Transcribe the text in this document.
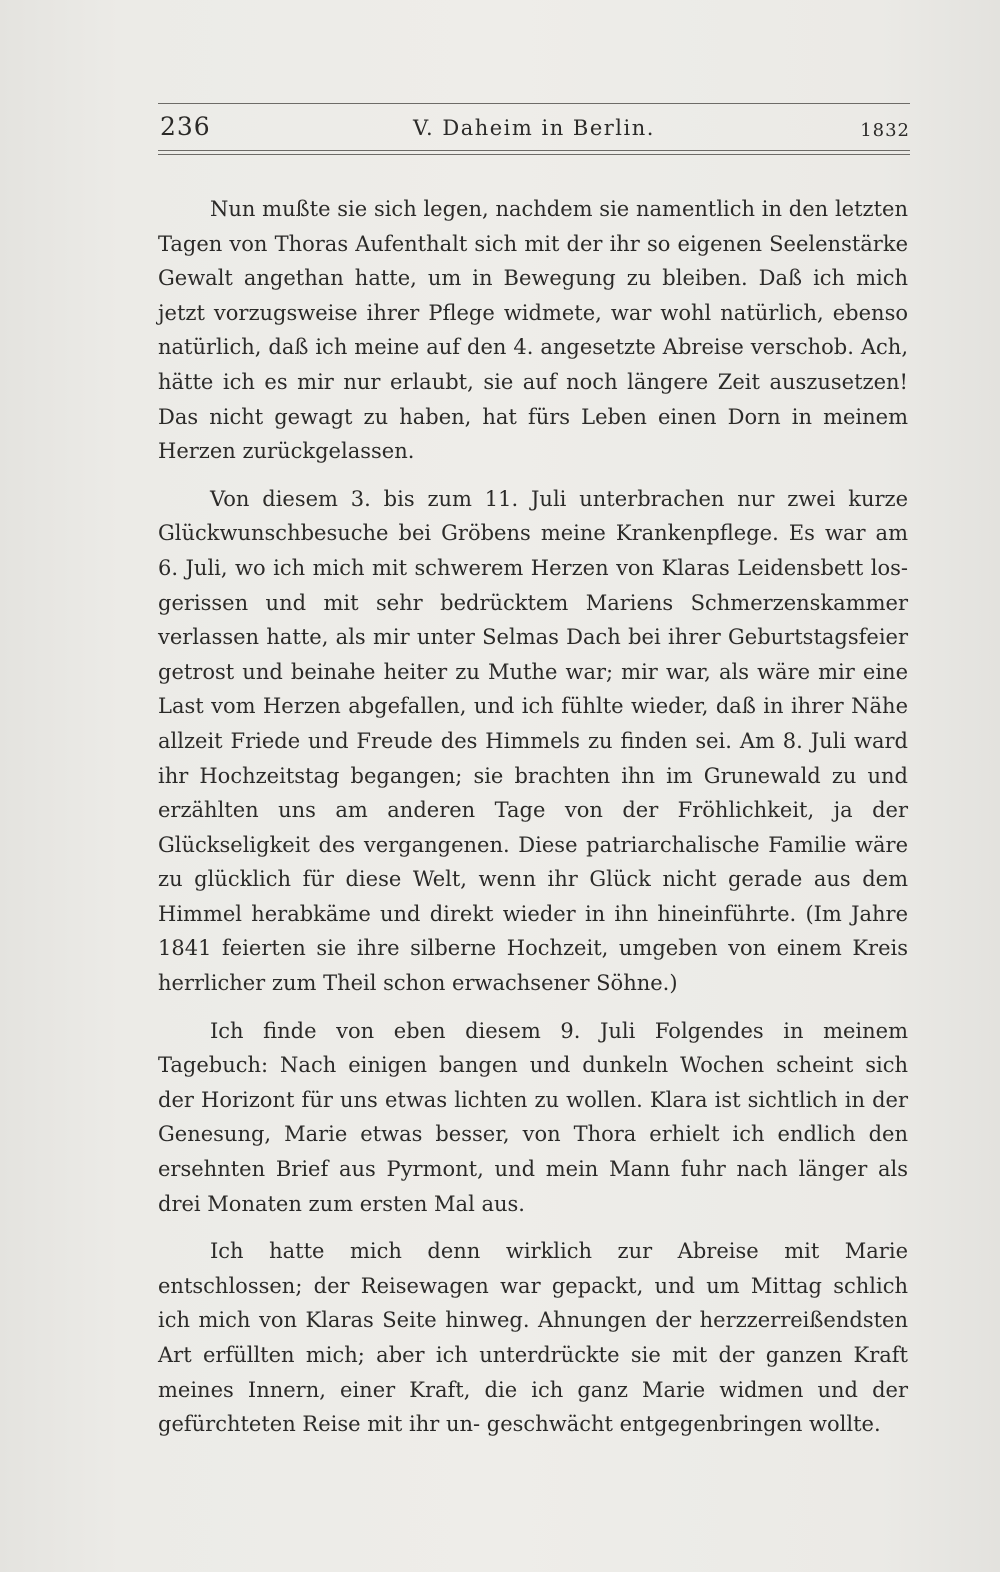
236	V. Daheim in Berlin.	1832

Nun mußte sie sich legen, nachdem sie namentlich in den letzten Tagen von Thoras Aufenthalt sich mit der ihr so eigenen Seelenstärke Gewalt angethan hatte, um in Bewegung zu bleiben. Daß ich mich jetzt vorzugsweise ihrer Pflege widmete, war wohl natürlich, ebenso natürlich, daß ich meine auf den 4. angesetzte Abreise verschob. Ach, hätte ich es mir nur erlaubt, sie auf noch längere Zeit auszusetzen! Das nicht gewagt zu haben, hat fürs Leben einen Dorn in meinem Herzen zurückgelassen.

Von diesem 3. bis zum 11. Juli unterbrachen nur zwei kurze Glückwunschbesuche bei Gröbens meine Krankenpflege. Es war am 6. Juli, wo ich mich mit schwerem Herzen von Klaras Leidensbett los- gerissen und mit sehr bedrücktem Mariens Schmerzenskammer verlassen hatte, als mir unter Selmas Dach bei ihrer Geburtstagsfeier getrost und beinahe heiter zu Muthe war; mir war, als wäre mir eine Last vom Herzen abgefallen, und ich fühlte wieder, daß in ihrer Nähe allzeit Friede und Freude des Himmels zu finden sei. Am 8. Juli ward ihr Hochzeitstag begangen; sie brachten ihn im Grunewald zu und erzählten uns am anderen Tage von der Fröhlichkeit, ja der Glückseligkeit des vergangenen. Diese patriarchalische Familie wäre zu glücklich für diese Welt, wenn ihr Glück nicht gerade aus dem Himmel herabkäme und direkt wieder in ihn hineinführte. (Im Jahre 1841 feierten sie ihre silberne Hochzeit, umgeben von einem Kreis herrlicher zum Theil schon erwachsener Söhne.)

Ich finde von eben diesem 9. Juli Folgendes in meinem Tagebuch: Nach einigen bangen und dunkeln Wochen scheint sich der Horizont für uns etwas lichten zu wollen. Klara ist sichtlich in der Genesung, Marie etwas besser, von Thora erhielt ich endlich den ersehnten Brief aus Pyrmont, und mein Mann fuhr nach länger als drei Monaten zum ersten Mal aus.

Ich hatte mich denn wirklich zur Abreise mit Marie entschlossen; der Reisewagen war gepackt, und um Mittag schlich ich mich von Klaras Seite hinweg. Ahnungen der herzzerreißendsten Art erfüllten mich; aber ich unterdrückte sie mit der ganzen Kraft meines Innern, einer Kraft, die ich ganz Marie widmen und der gefürchteten Reise mit ihr un- geschwächt entgegenbringen wollte.
